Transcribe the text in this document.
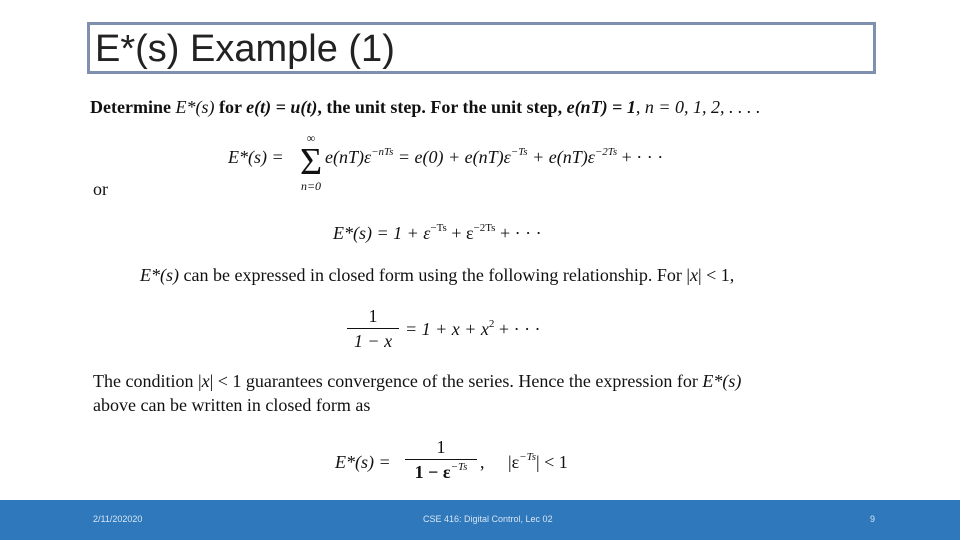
E*(s) Example (1)
Determine E*(s) for e(t) = u(t), the unit step. For the unit step, e(nT) = 1, n = 0, 1, 2, . . . .
E*(s) =
∞
Σ
n=0
$e(nT)\varepsilon^{-nTs} = e(0) + e(nT)\varepsilon^{-Ts} + e(nT)\varepsilon^{-2Ts}$ + · · ·
or
$E*(s) = 1 + \varepsilon^{-Ts} + \varepsilon^{-2Ts}$ + · · ·
E*(s) can be expressed in closed form using the following relationship. For |x| < 1,
1
1 − x
= $1 + x + x^2$ + · · ·
The condition |x| < 1 guarantees convergence of the series. Hence the expression for E*(s)
above can be written in closed form as
E*(s) =
1
$1 - \varepsilon^{-Ts}$ , $|\varepsilon^{-Ts}| < 1$
2/11/202020	CSE 416: Digital Control, Lec 02	9
